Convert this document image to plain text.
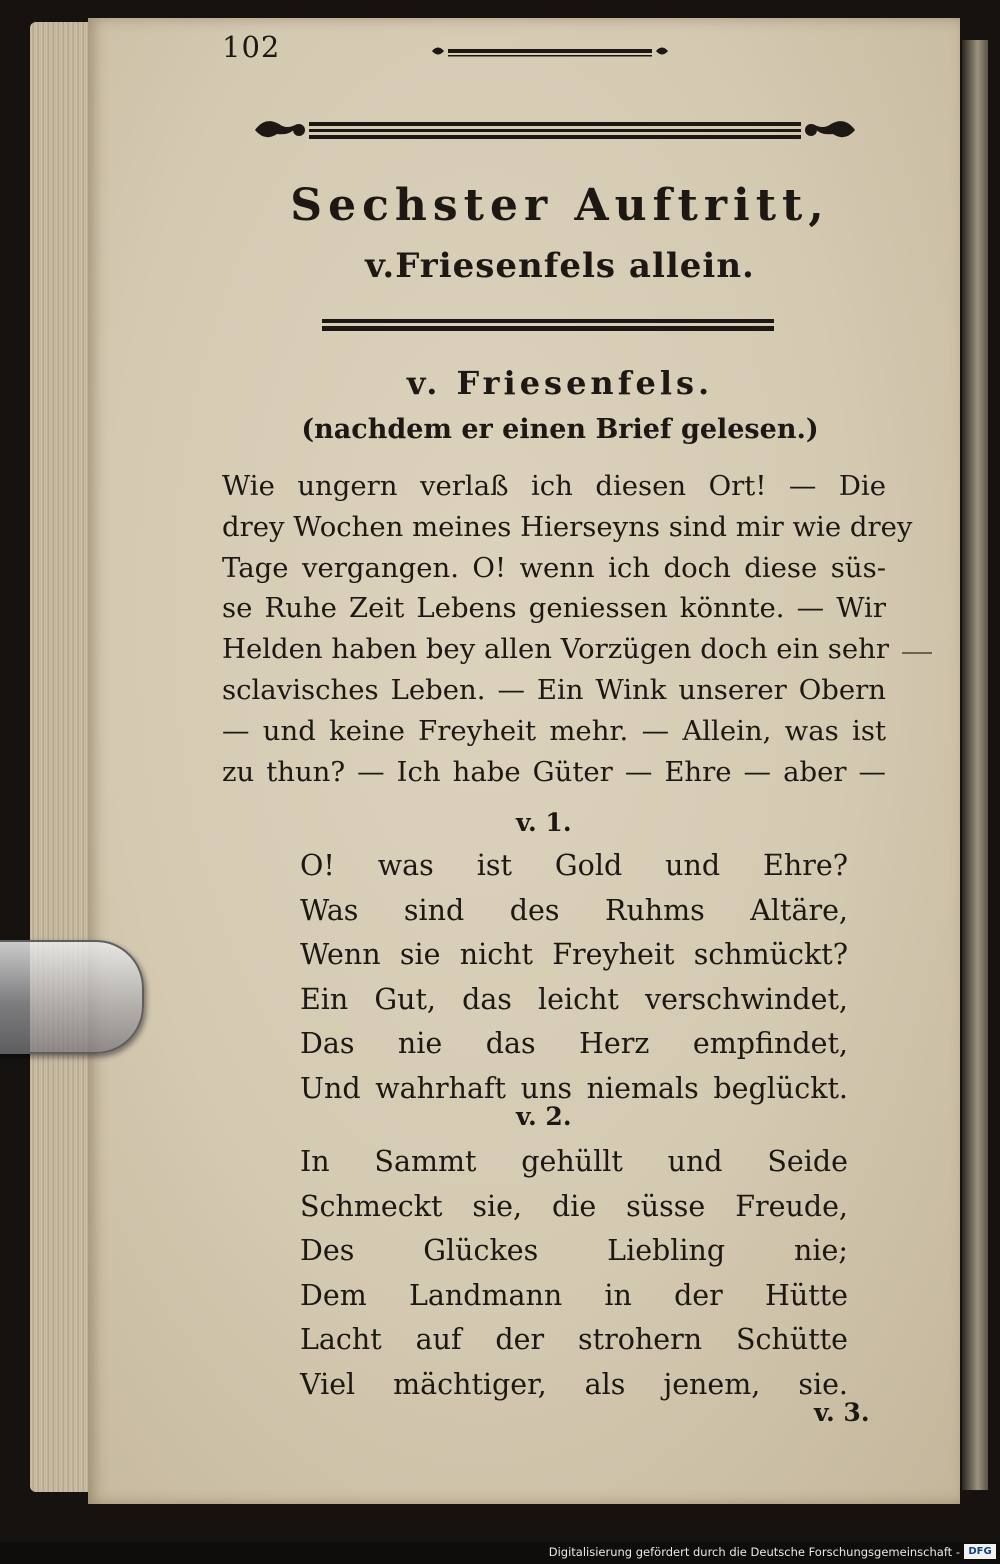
102

Sechster Auftritt,

v.Friesenfels allein.

v. Friesenfels.

(nachdem er einen Brief gelesen.)

Wie ungern verlaß ich diesen Ort! — Die
drey Wochen meines Hierseyns sind mir wie drey
Tage vergangen. O! wenn ich doch diese süs-
se Ruhe Zeit Lebens geniessen könnte. — Wir
Helden haben bey allen Vorzügen doch ein sehr
sclavisches Leben. — Ein Wink unserer Obern
— und keine Freyheit mehr. — Allein, was ist
zu thun? — Ich habe Güter — Ehre — aber —

v. 1.

O! was ist Gold und Ehre?
Was sind des Ruhms Altäre,
Wenn sie nicht Freyheit schmückt?
Ein Gut, das leicht verschwindet,
Das nie das Herz empfindet,
Und wahrhaft uns niemals beglückt.

v. 2.

In Sammt gehüllt und Seide
Schmeckt sie, die süsse Freude,
Des Glückes Liebling nie;
Dem Landmann in der Hütte
Lacht auf der strohern Schütte
Viel mächtiger, als jenem, sie.

v. 3.

Digitalisierung gefördert durch die Deutsche Forschungsgemeinschaft - DFG
